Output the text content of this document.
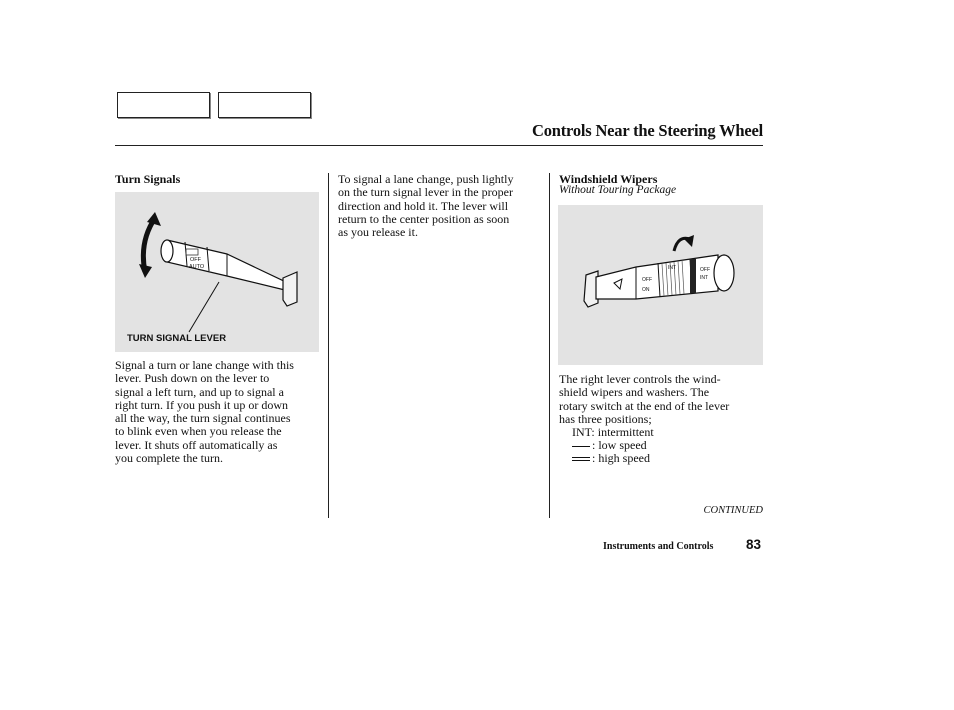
Controls Near the Steering Wheel
Turn Signals
OFF
AUTO
TURN SIGNAL LEVER

Signal a turn or lane change with this

lever. Push down on the lever to

signal a left turn, and up to signal a

right turn. If you push it up or down

all the way, the turn signal continues

to blink even when you release the

lever. It shuts off automatically as

you complete the turn.

To signal a lane change, push lightly

on the turn signal lever in the proper

direction and hold it. The lever will

return to the center position as soon

as you release it.

Windshield Wipers
Without Touring Package
INT	OFF
INT
OFF
ON

The right lever controls the wind-

shield wipers and washers. The

rotary switch at the end of the lever

has three positions;

INT: intermittent
: low speed
: high speed
CONTINUED
Instruments and Controls 83
